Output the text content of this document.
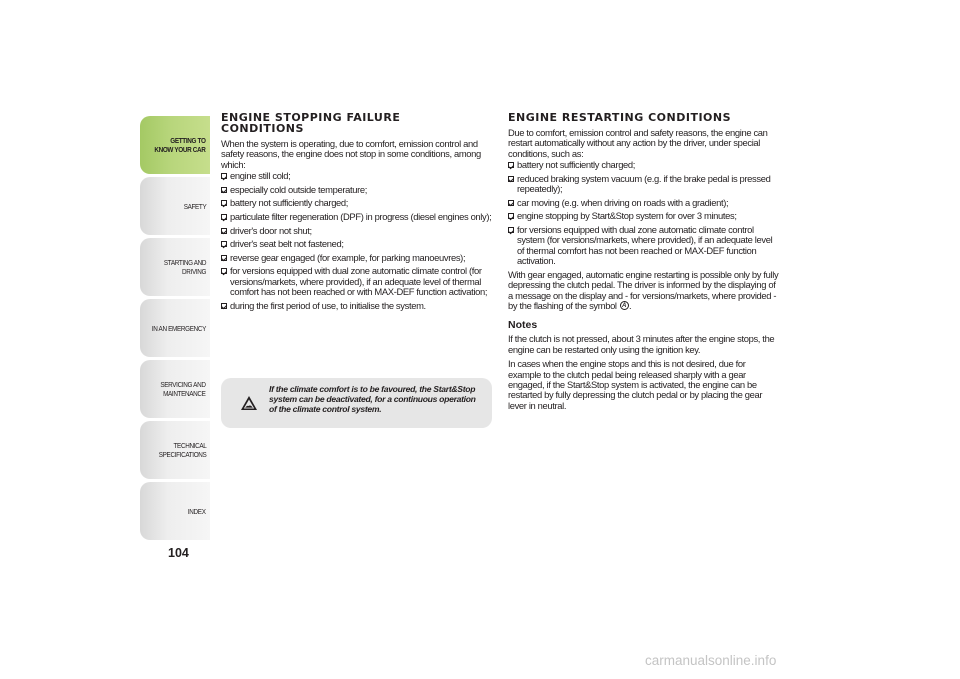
GETTING TO
KNOW YOUR CAR
SAFETY
STARTING AND
DRIVING
IN AN EMERGENCY
SERVICING AND
MAINTENANCE
TECHNICAL
SPECIFICATIONS
INDEX
104
ENGINE STOPPING FAILURE
CONDITIONS

When the system is operating, due to comfort, emission control and safety reasons, the engine does not stop in some conditions, among which:

engine still cold;
especially cold outside temperature;
battery not sufficiently charged;
particulate filter regeneration (DPF) in progress (diesel engines only);
driver's door not shut;
driver's seat belt not fastened;
reverse gear engaged (for example, for parking manoeuvres);
for versions equipped with dual zone automatic climate control (for versions/markets, where provided), if an adequate level of thermal comfort has not been reached or with MAX-DEF function activation;
during the first period of use, to initialise the system.
If the climate comfort is to be favoured, the Start&Stop system can be deactivated, for a continuous operation of the climate control system.
ENGINE RESTARTING CONDITIONS

Due to comfort, emission control and safety reasons, the engine can restart automatically without any action by the driver, under special conditions, such as:

battery not sufficiently charged;
reduced braking system vacuum (e.g. if the brake pedal is pressed repeatedly);
car moving (e.g. when driving on roads with a gradient);
engine stopping by Start&Stop system for over 3 minutes;
for versions equipped with dual zone automatic climate control system (for versions/markets, where provided), if an adequate level of thermal comfort has not been reached or MAX-DEF function activation.

With gear engaged, automatic engine restarting is possible only by fully depressing the clutch pedal. The driver is informed by the displaying of a message on the display and - for versions/markets, where provided - by the flashing of the symbol A .

Notes

If the clutch is not pressed, about 3 minutes after the engine stops, the engine can be restarted only using the ignition key.

In cases when the engine stops and this is not desired, due for example to the clutch pedal being released sharply with a gear engaged, if the Start&Stop system is activated, the engine can be restarted by fully depressing the clutch pedal or by placing the gear lever in neutral.

carmanualsonline.info
